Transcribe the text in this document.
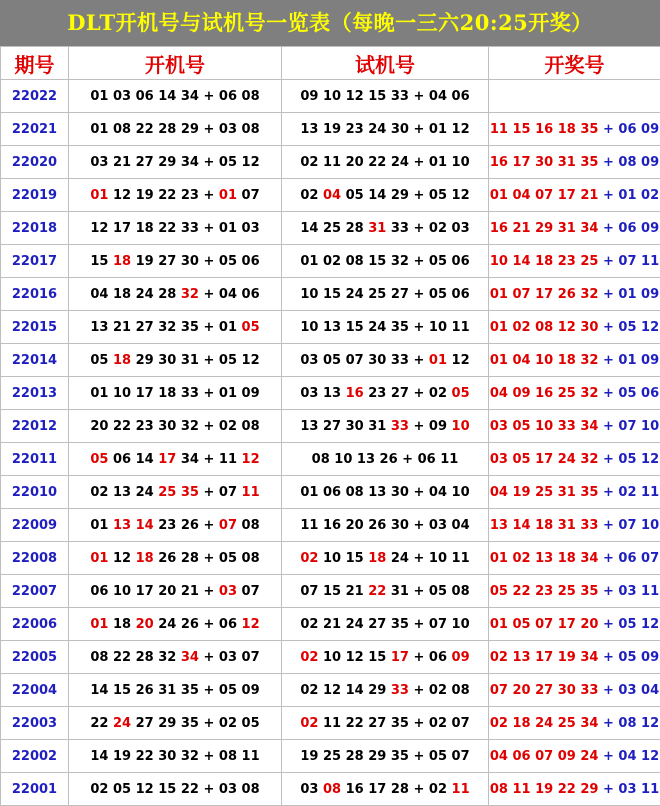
DLT开机号与试机号一览表（每晚一三六20:25开奖）
期号	开机号	试机号	开奖号
22022	01 03 06 14 34 + 06 08	09 10 12 15 33 + 04 06	
22021	01 08 22 28 29 + 03 08	13 19 23 24 30 + 01 12	11 15 16 18 35 + 06 09
22020	03 21 27 29 34 + 05 12	02 11 20 22 24 + 01 10	16 17 30 31 35 + 08 09
22019	01 12 19 22 23 + 01 07	02 04 05 14 29 + 05 12	01 04 07 17 21 + 01 02
22018	12 17 18 22 33 + 01 03	14 25 28 31 33 + 02 03	16 21 29 31 34 + 06 09
22017	15 18 19 27 30 + 05 06	01 02 08 15 32 + 05 06	10 14 18 23 25 + 07 11
22016	04 18 24 28 32 + 04 06	10 15 24 25 27 + 05 06	01 07 17 26 32 + 01 09
22015	13 21 27 32 35 + 01 05	10 13 15 24 35 + 10 11	01 02 08 12 30 + 05 12
22014	05 18 29 30 31 + 05 12	03 05 07 30 33 + 01 12	01 04 10 18 32 + 01 09
22013	01 10 17 18 33 + 01 09	03 13 16 23 27 + 02 05	04 09 16 25 32 + 05 06
22012	20 22 23 30 32 + 02 08	13 27 30 31 33 + 09 10	03 05 10 33 34 + 07 10
22011	05 06 14 17 34 + 11 12	08 10 13 26 + 06 11	03 05 17 24 32 + 05 12
22010	02 13 24 25 35 + 07 11	01 06 08 13 30 + 04 10	04 19 25 31 35 + 02 11
22009	01 13 14 23 26 + 07 08	11 16 20 26 30 + 03 04	13 14 18 31 33 + 07 10
22008	01 12 18 26 28 + 05 08	02 10 15 18 24 + 10 11	01 02 13 18 34 + 06 07
22007	06 10 17 20 21 + 03 07	07 15 21 22 31 + 05 08	05 22 23 25 35 + 03 11
22006	01 18 20 24 26 + 06 12	02 21 24 27 35 + 07 10	01 05 07 17 20 + 05 12
22005	08 22 28 32 34 + 03 07	02 10 12 15 17 + 06 09	02 13 17 19 34 + 05 09
22004	14 15 26 31 35 + 05 09	02 12 14 29 33 + 02 08	07 20 27 30 33 + 03 04
22003	22 24 27 29 35 + 02 05	02 11 22 27 35 + 02 07	02 18 24 25 34 + 08 12
22002	14 19 22 30 32 + 08 11	19 25 28 29 35 + 05 07	04 06 07 09 24 + 04 12
22001	02 05 12 15 22 + 03 08	03 08 16 17 28 + 02 11	08 11 19 22 29 + 03 11
